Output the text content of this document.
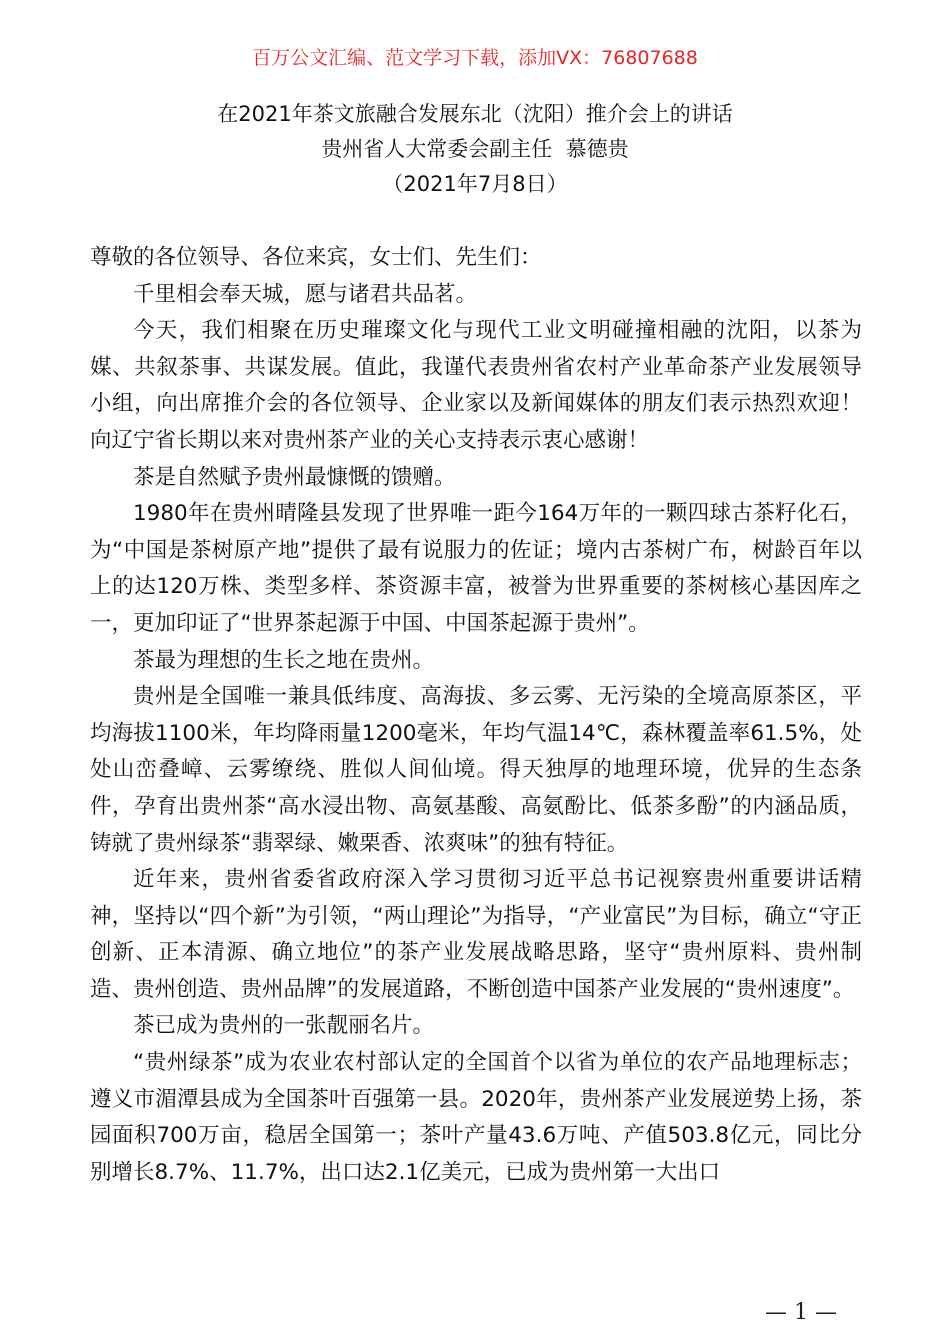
百万公文汇编、范文学习下载，添加VX：76807688
在2021年茶文旅融合发展东北（沈阳）推介会上的讲话
贵州省人大常委会副主任  慕德贵
（2021年7月8日）

尊敬的各位领导、各位来宾，女士们、先生们：

千里相会奉天城，愿与诸君共品茗。

今天，我们相聚在历史璀璨文化与现代工业文明碰撞相融的沈阳，以茶为媒、共叙茶事、共谋发展。值此，我谨代表贵州省农村产业革命茶产业发展领导小组，向出席推介会的各位领导、企业家以及新闻媒体的朋友们表示热烈欢迎！向辽宁省长期以来对贵州茶产业的关心支持表示衷心感谢！

茶是自然赋予贵州最慷慨的馈赠。

1980年在贵州晴隆县发现了世界唯一距今164万年的一颗四球古茶籽化石，为“中国是茶树原产地”提供了最有说服力的佐证；境内古茶树广布，树龄百年以上的达120万株、类型多样、茶资源丰富，被誉为世界重要的茶树核心基因库之一，更加印证了“世界茶起源于中国、中国茶起源于贵州”。

茶最为理想的生长之地在贵州。

贵州是全国唯一兼具低纬度、高海拔、多云雾、无污染的全境高原茶区，平均海拔1100米，年均降雨量1200毫米，年均气温14℃，森林覆盖率61.5%，处处山峦叠嶂、云雾缭绕、胜似人间仙境。得天独厚的地理环境，优异的生态条件，孕育出贵州茶“高水浸出物、高氨基酸、高氨酚比、低茶多酚”的内涵品质，铸就了贵州绿茶“翡翠绿、嫩栗香、浓爽味”的独有特征。

近年来，贵州省委省政府深入学习贯彻习近平总书记视察贵州重要讲话精神，坚持以“四个新”为引领，“两山理论”为指导，“产业富民”为目标，确立“守正创新、正本清源、确立地位”的茶产业发展战略思路，坚守“贵州原料、贵州制造、贵州创造、贵州品牌”的发展道路，不断创造中国茶产业发展的“贵州速度”。

茶已成为贵州的一张靓丽名片。

“贵州绿茶”成为农业农村部认定的全国首个以省为单位的农产品地理标志；遵义市湄潭县成为全国茶叶百强第一县。2020年，贵州茶产业发展逆势上扬，茶园面积700万亩，稳居全国第一；茶叶产量43.6万吨、产值503.8亿元，同比分别增长8.7%、11.7%，出口达2.1亿美元，已成为贵州第一大出口

— 1 —
